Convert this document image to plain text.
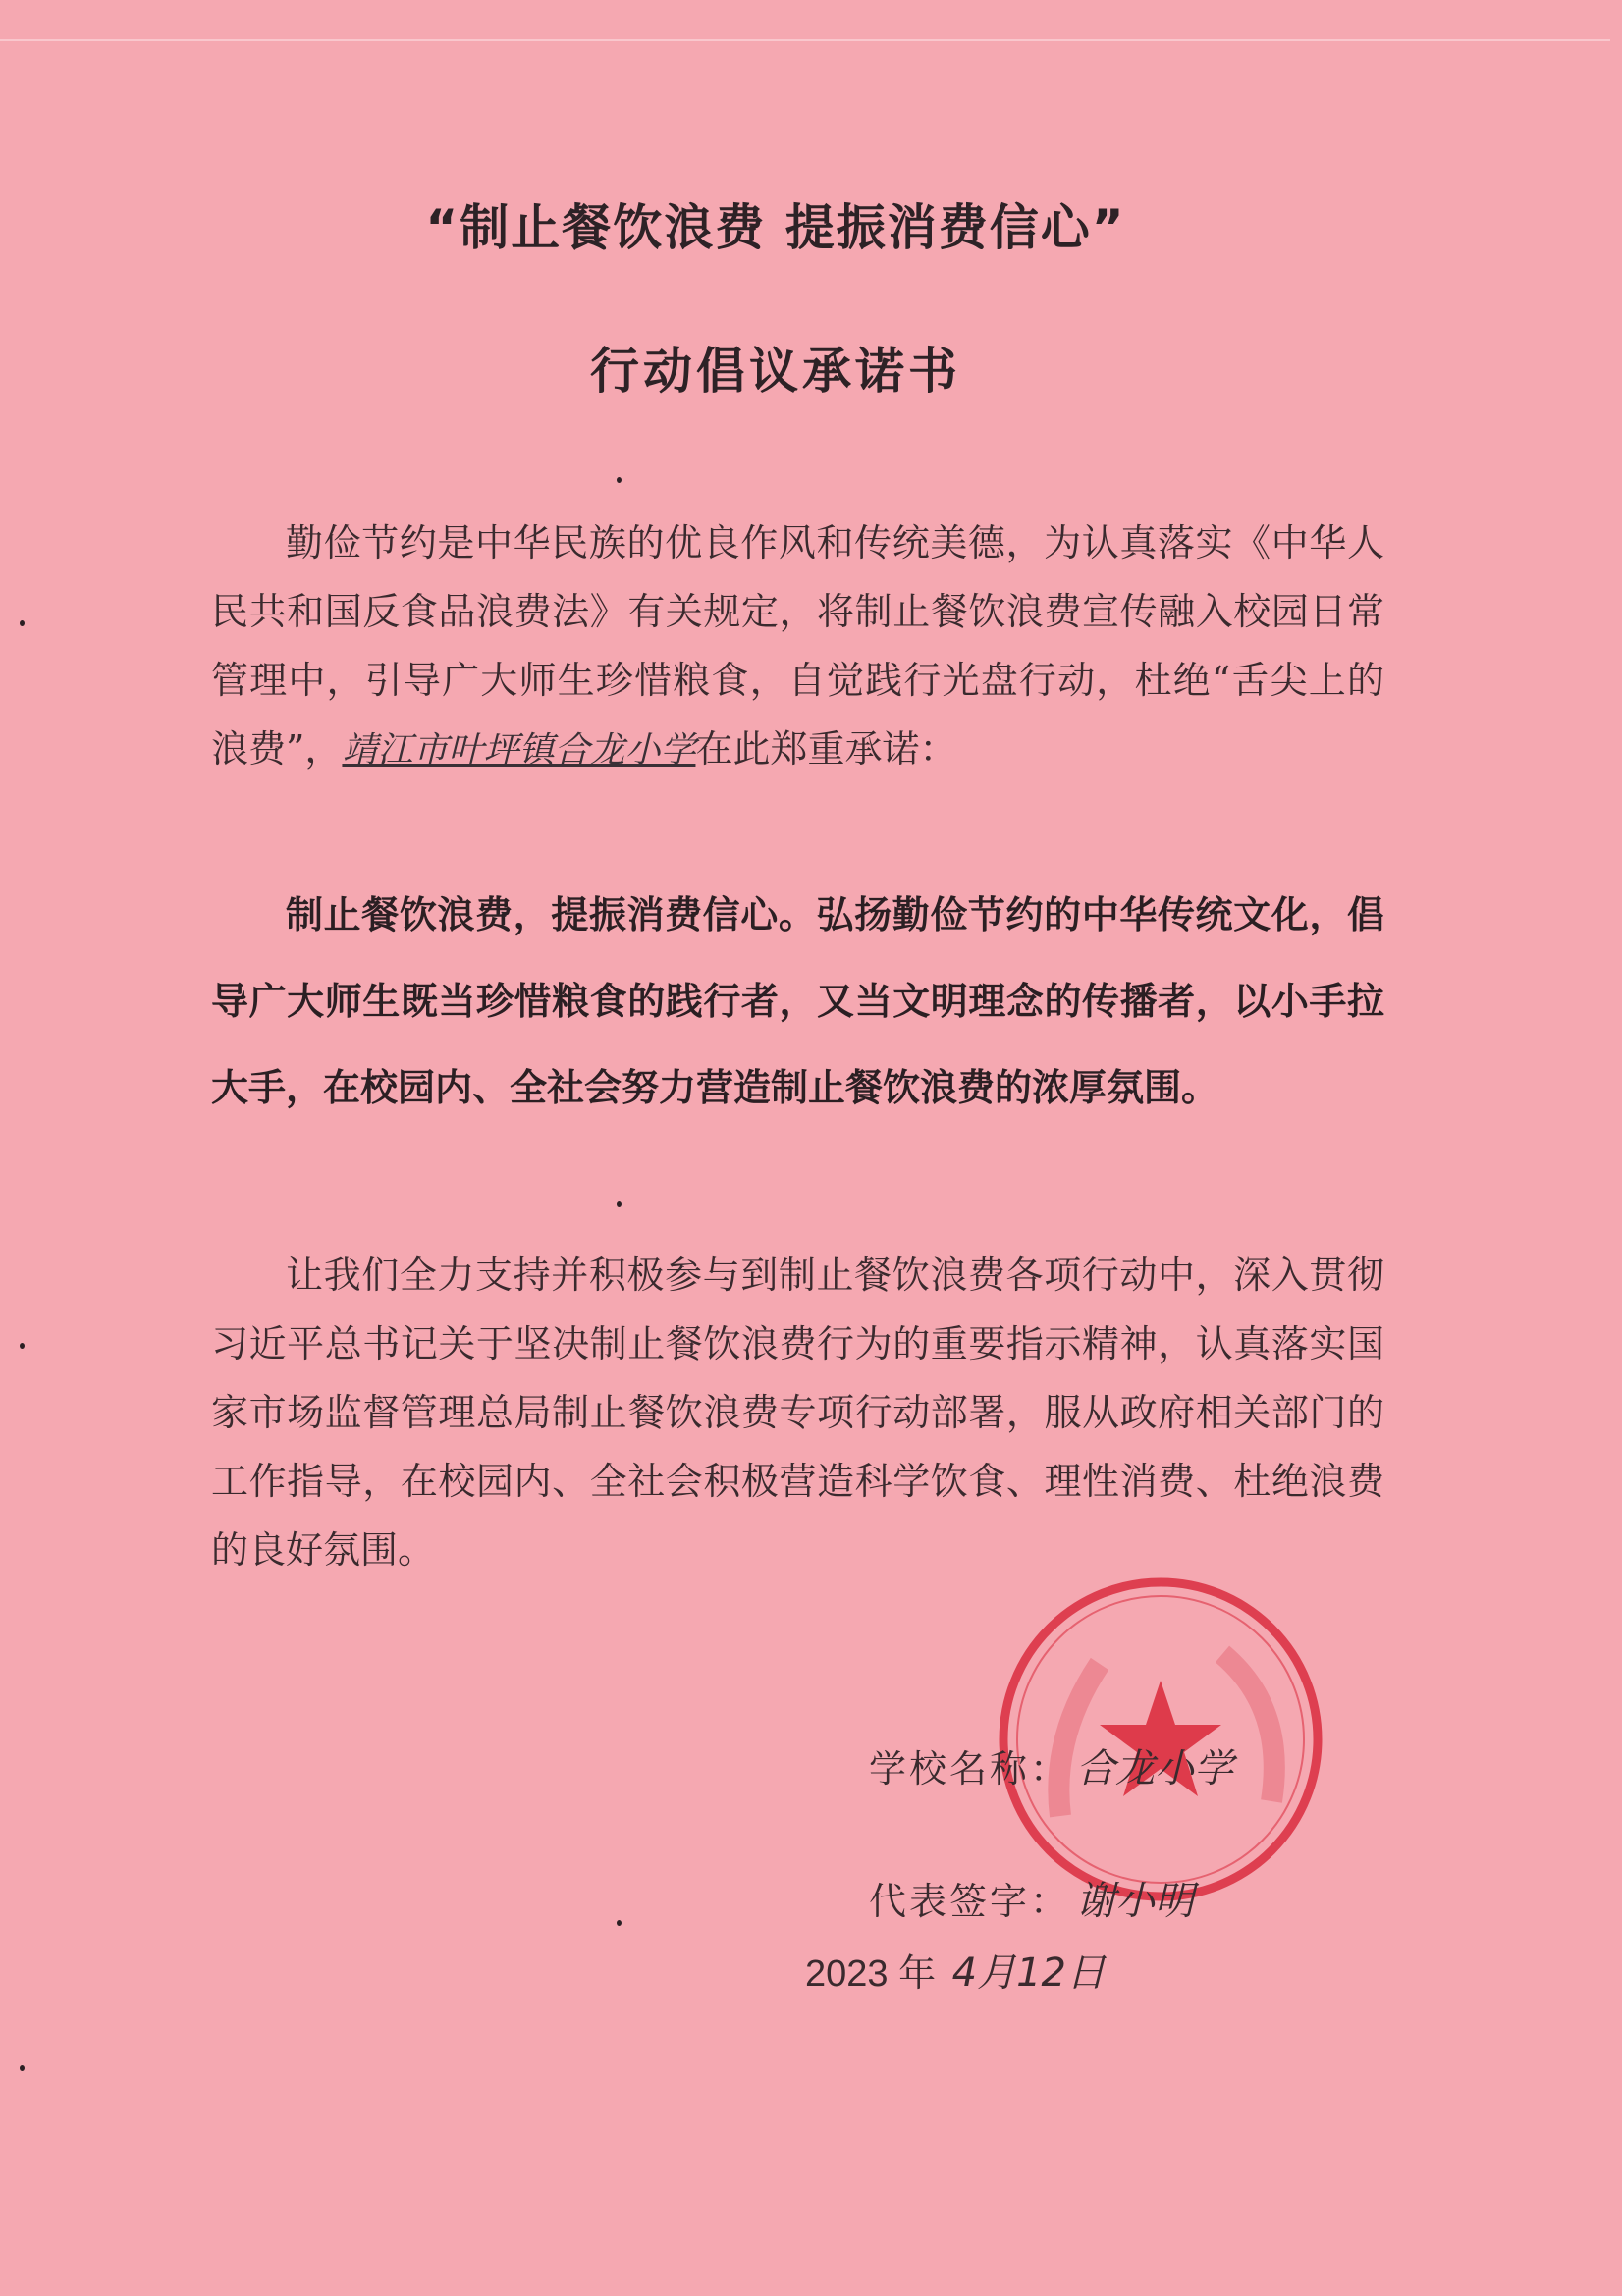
“制止餐饮浪费 提振消费信心”
行动倡议承诺书

勤俭节约是中华民族的优良作风和传统美德，为认真落实《中华人民共和国反食品浪费法》有关规定，将制止餐饮浪费宣传融入校园日常管理中，引导广大师生珍惜粮食，自觉践行光盘行动，杜绝“舌尖上的浪费”，靖江市叶坪镇合龙小学在此郑重承诺：

制止餐饮浪费，提振消费信心。弘扬勤俭节约的中华传统文化，倡导广大师生既当珍惜粮食的践行者，又当文明理念的传播者，以小手拉大手，在校园内、全社会努力营造制止餐饮浪费的浓厚氛围。

让我们全力支持并积极参与到制止餐饮浪费各项行动中，深入贯彻习近平总书记关于坚决制止餐饮浪费行为的重要指示精神，认真落实国家市场监督管理总局制止餐饮浪费专项行动部署，服从政府相关部门的工作指导，在校园内、全社会积极营造科学饮食、理性消费、杜绝浪费的良好氛围。

学校名称： 合龙小学
代表签字： 谢小明
2023 年 4月12日
